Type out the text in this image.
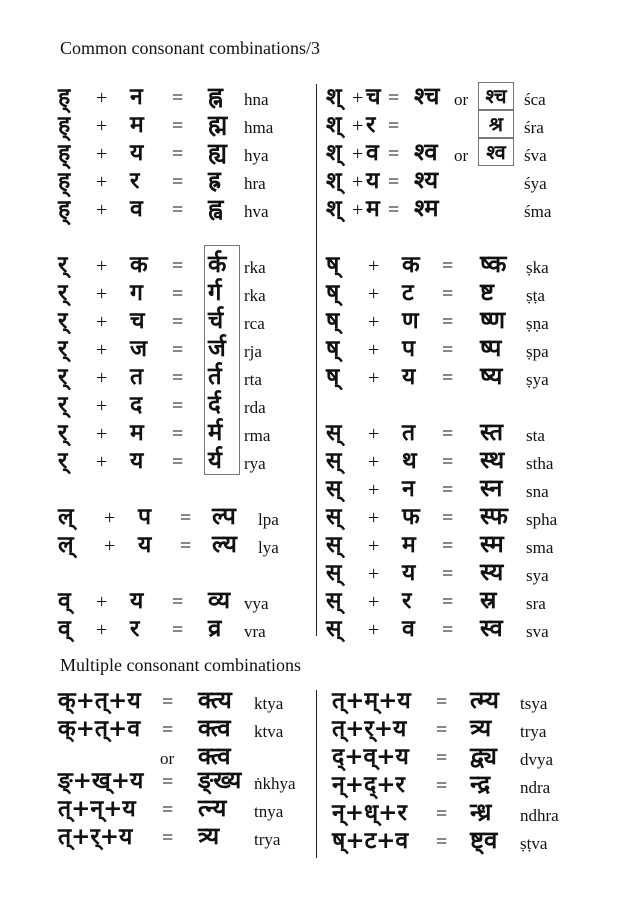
Common consonant combinations/3
Multiple consonant combinations
ह् + न = ह्न hna
ह् + म = ह्म hma
ह् + य = ह्य hya
ह् + र = ह्र hra
ह् + व = ह्व hva
र् + क = र्क rka
र् + ग = र्ग rka
र् + च = र्च rca
र् + ज = र्ज rja
र् + त = र्त rta
र् + द = र्द rda
र् + म = र्म rma
र् + य = र्य rya
ल् + प = ल्प lpa
ल् + य = ल्य lya
व् + य = व्य vya
व् + र = व्र vra
श् + च = श्च or श्च	śca
श् + र =	श्र	śra
श् + व = श्व or श्व	śva
श् + य = श्य	śya
श् + म = श्म	śma
ष् + क = ष्क ṣka
ष् + ट = ष्ट ṣṭa
ष् + ण = ष्ण ṣṇa
ष् + प = ष्प ṣpa
ष् + य = ष्य ṣya
स् + त = स्त sta
स् + थ = स्थ stha
स् + न = स्न sna
स् + फ = स्फ spha
स् + म = स्म sma
स् + य = स्य sya
स् + र = स्र sra
स् + व = स्व sva
क्+त्+य = क्त्य ktya
क्+त्+व = क्त्व ktva
or क्त्व
ङ्+ख्+य = ङ्ख्य ṅkhya
त्+न्+य = त्न्य tnya
त्+र्+य = त्र्य trya
त्+म्+य = त्म्य tsya
त्+र्+य = त्र्य trya
द्+व्+य = द्व्य dvya
न्+द्+र = न्द्र ndra
न्+ध्+र = न्ध्र ndhra
ष्+ट+व = ष्ट्व ṣṭva
